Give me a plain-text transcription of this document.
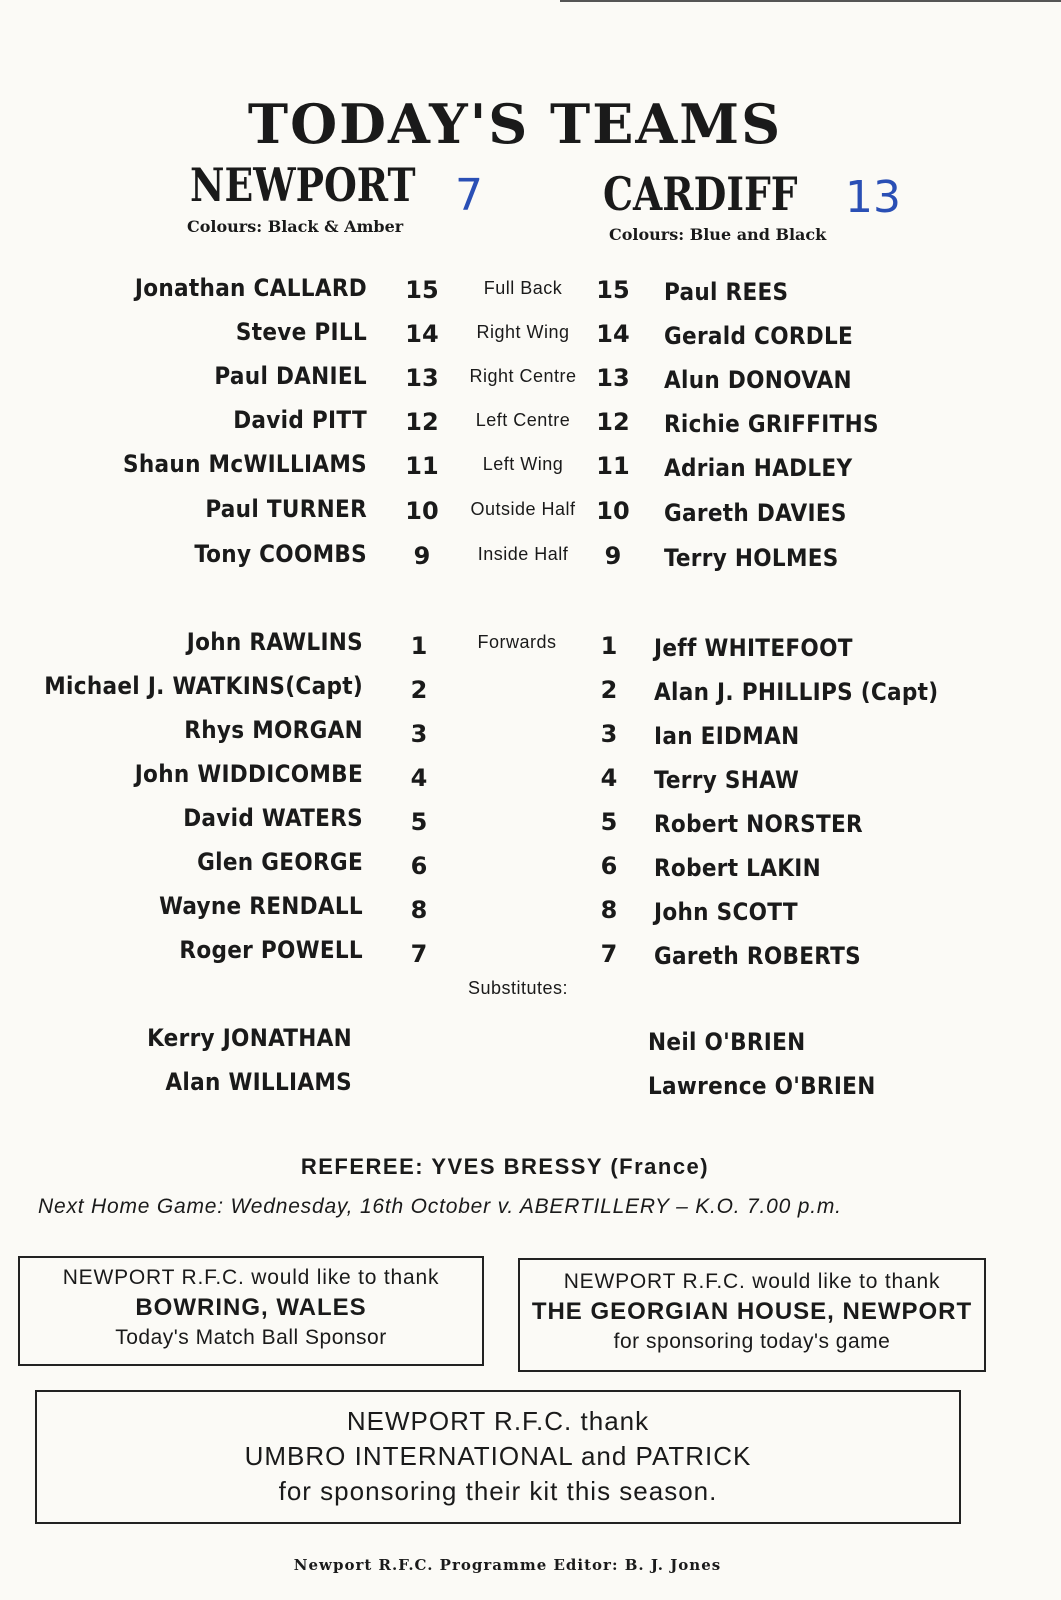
TODAY'S TEAMS
NEWPORT 7
Colours: Black & Amber
CARDIFF 13
Colours: Blue and Black
Jonathan CALLARD 15	Full Back	15 Paul REES
Steve PILL 14	Right Wing	14 Gerald CORDLE
Paul DANIEL 13	Right Centre 13 Alun DONOVAN
David PITT 12	Left Centre	12 Richie GRIFFITHS
Shaun McWILLIAMS 11	Left Wing	11 Adrian HADLEY
Paul TURNER 10	Outside Half 10 Gareth DAVIES
Tony COOMBS	9	Inside Half	9	Terry HOLMES
Forwards
John RAWLINS	1	1	Jeff WHITEFOOT
Michael J. WATKINS(Capt)	2	2	Alan J. PHILLIPS (Capt)
Rhys MORGAN	3	3	Ian EIDMAN
John WIDDICOMBE	4	4	Terry SHAW
David WATERS	5	5	Robert NORSTER
Glen GEORGE	6	6	Robert LAKIN
Wayne RENDALL	8	8	John SCOTT
Roger POWELL	7	7	Gareth ROBERTS
Kerry JONATHAN	Neil O'BRIEN
Alan WILLIAMS	Lawrence O'BRIEN
Substitutes:
REFEREE: YVES BRESSY (France)
Next Home Game: Wednesday, 16th October v. ABERTILLERY – K.O. 7.00 p.m.
NEWPORT R.F.C. would like to thank
BOWRING, WALES
Today's Match Ball Sponsor
NEWPORT R.F.C. would like to thank
THE GEORGIAN HOUSE, NEWPORT
for sponsoring today's game
NEWPORT R.F.C. thank
UMBRO INTERNATIONAL and PATRICK
for sponsoring their kit this season.
Newport R.F.C. Programme Editor: B. J. Jones
